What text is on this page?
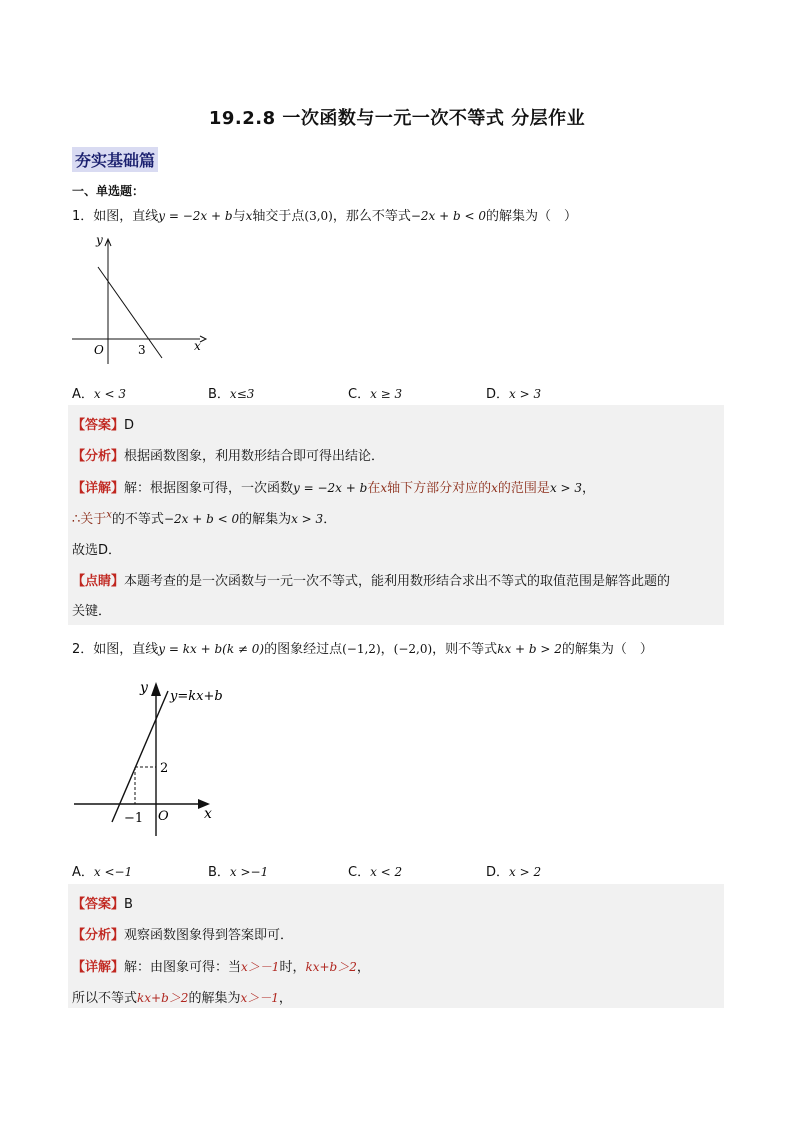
19.2.8 一次函数与一元一次不等式 分层作业
夯实基础篇
一、单选题：
1．如图，直线y = −2x + b与x轴交于点(3,0)，那么不等式−2x + b < 0的解集为（　）
y
x
O	3
A．x < 3	B．x≤3	C．x ≥ 3	D．x > 3
【答案】D
【分析】根据函数图象，利用数形结合即可得出结论．
【详解】解：根据图象可得，一次函数y = −2x + b在x轴下方部分对应的x的范围是x > 3，
∴关于$^x$的不等式−2x + b < 0的解集为x > 3．
故选D．
【点睛】本题考查的是一次函数与一元一次不等式，能利用数形结合求出不等式的取值范围是解答此题的
关键．
2．如图，直线y = kx + b(k ≠ 0)的图象经过点(−1,2)，(−2,0)，则不等式kx + b > 2的解集为（　）
y
y=kx+b
2
−1 O	x
A．x <−1	B．x >−1	C．x < 2	D．x > 2
【答案】B
【分析】观察函数图象得到答案即可．
【详解】解：由图象可得：当x＞－1时，kx+b＞2，
所以不等式kx+b＞2的解集为x＞－1，
